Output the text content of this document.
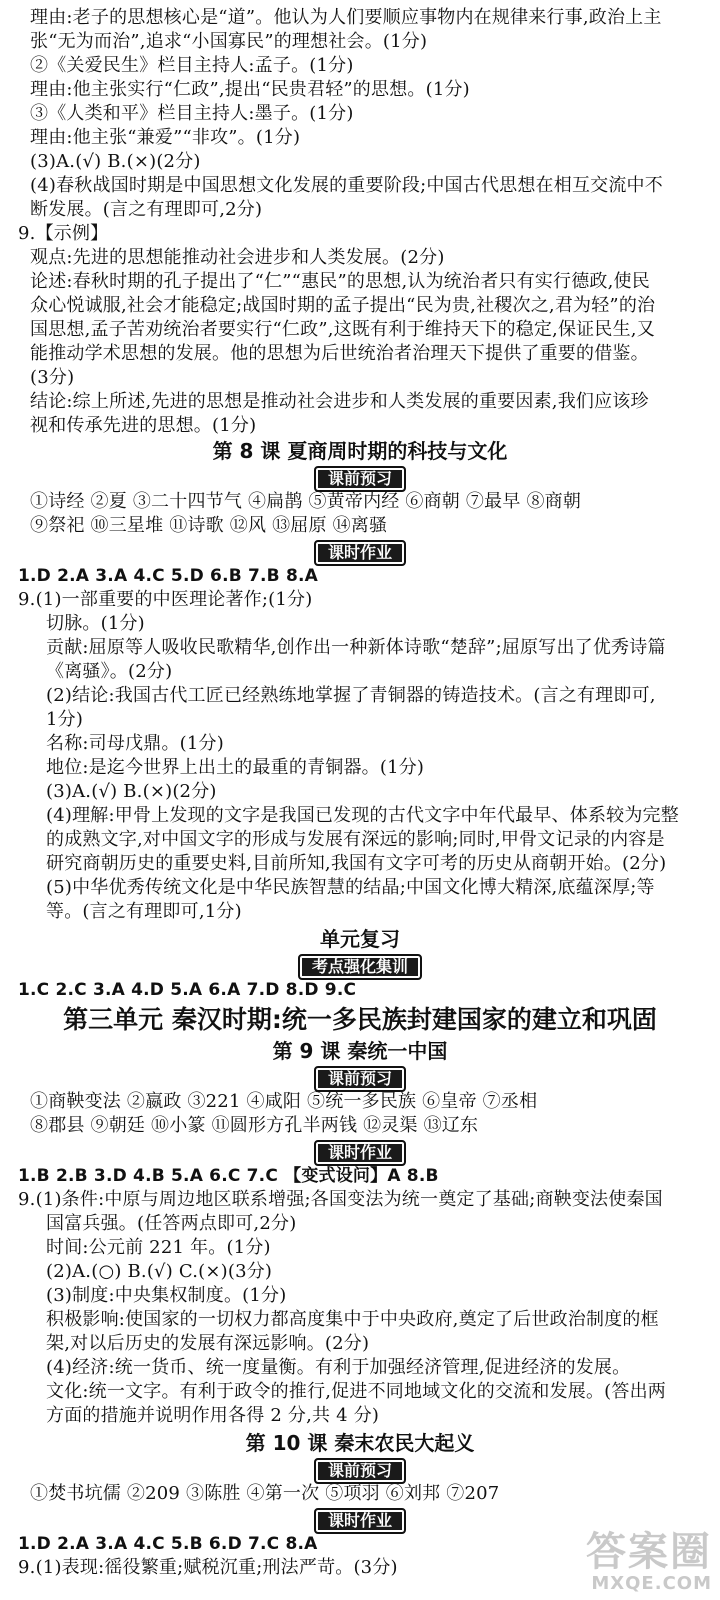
理由:老子的思想核心是“道”。他认为人们要顺应事物内在规律来行事,政治上主
张“无为而治”,追求“小国寡民”的理想社会。(1分)
②《关爱民生》栏目主持人:孟子。(1分)
理由:他主张实行“仁政”,提出“民贵君轻”的思想。(1分)
③《人类和平》栏目主持人:墨子。(1分)
理由:他主张“兼爱”“非攻”。(1分)
(3)A.(√) B.(×)(2分)
(4)春秋战国时期是中国思想文化发展的重要阶段;中国古代思想在相互交流中不
断发展。(言之有理即可,2分)
9.【示例】
观点:先进的思想能推动社会进步和人类发展。(2分)
论述:春秋时期的孔子提出了“仁”“惠民”的思想,认为统治者只有实行德政,使民
众心悦诚服,社会才能稳定;战国时期的孟子提出“民为贵,社稷次之,君为轻”的治
国思想,孟子苦劝统治者要实行“仁政”,这既有利于维持天下的稳定,保证民生,又
能推动学术思想的发展。他的思想为后世统治者治理天下提供了重要的借鉴。
(3分)
结论:综上所述,先进的思想是推动社会进步和人类发展的重要因素,我们应该珍
视和传承先进的思想。(1分)
第 8 课 夏商周时期的科技与文化
课前预习
①诗经 ②夏 ③二十四节气 ④扁鹊 ⑤黄帝内经 ⑥商朝 ⑦最早 ⑧商朝
⑨祭祀 ⑩三星堆 ⑪诗歌 ⑫风 ⑬屈原 ⑭离骚
课时作业
1.D 2.A 3.A 4.C 5.D 6.B 7.B 8.A
9.(1)一部重要的中医理论著作;(1分)
切脉。(1分)
贡献:屈原等人吸收民歌精华,创作出一种新体诗歌“楚辞”;屈原写出了优秀诗篇
《离骚》。(2分)
(2)结论:我国古代工匠已经熟练地掌握了青铜器的铸造技术。(言之有理即可,
1分)
名称:司母戊鼎。(1分)
地位:是迄今世界上出土的最重的青铜器。(1分)
(3)A.(√) B.(×)(2分)
(4)理解:甲骨上发现的文字是我国已发现的古代文字中年代最早、体系较为完整
的成熟文字,对中国文字的形成与发展有深远的影响;同时,甲骨文记录的内容是
研究商朝历史的重要史料,目前所知,我国有文字可考的历史从商朝开始。(2分)
(5)中华优秀传统文化是中华民族智慧的结晶;中国文化博大精深,底蕴深厚;等
等。(言之有理即可,1分)
单元复习
考点强化集训
1.C 2.C 3.A 4.D 5.A 6.A 7.D 8.D 9.C
第三单元 秦汉时期:统一多民族封建国家的建立和巩固
第 9 课 秦统一中国
课前预习
①商鞅变法 ②嬴政 ③221 ④咸阳 ⑤统一多民族 ⑥皇帝 ⑦丞相
⑧郡县 ⑨朝廷 ⑩小篆 ⑪圆形方孔半两钱 ⑫灵渠 ⑬辽东
课时作业
1.B 2.B 3.D 4.B 5.A 6.C 7.C 【变式设问】A 8.B
9.(1)条件:中原与周边地区联系增强;各国变法为统一奠定了基础;商鞅变法使秦国
国富兵强。(任答两点即可,2分)
时间:公元前 221 年。(1分)
(2)A.(○) B.(√) C.(×)(3分)
(3)制度:中央集权制度。(1分)
积极影响:使国家的一切权力都高度集中于中央政府,奠定了后世政治制度的框
架,对以后历史的发展有深远影响。(2分)
(4)经济:统一货币、统一度量衡。有利于加强经济管理,促进经济的发展。
文化:统一文字。有利于政令的推行,促进不同地域文化的交流和发展。(答出两
方面的措施并说明作用各得 2 分,共 4 分)
第 10 课 秦末农民大起义
课前预习
①焚书坑儒 ②209 ③陈胜 ④第一次 ⑤项羽 ⑥刘邦 ⑦207
课时作业
1.D 2.A 3.A 4.C 5.B 6.D 7.C 8.A
9.(1)表现:徭役繁重;赋税沉重;刑法严苛。(3分)	答案圈
MXQE.COM
